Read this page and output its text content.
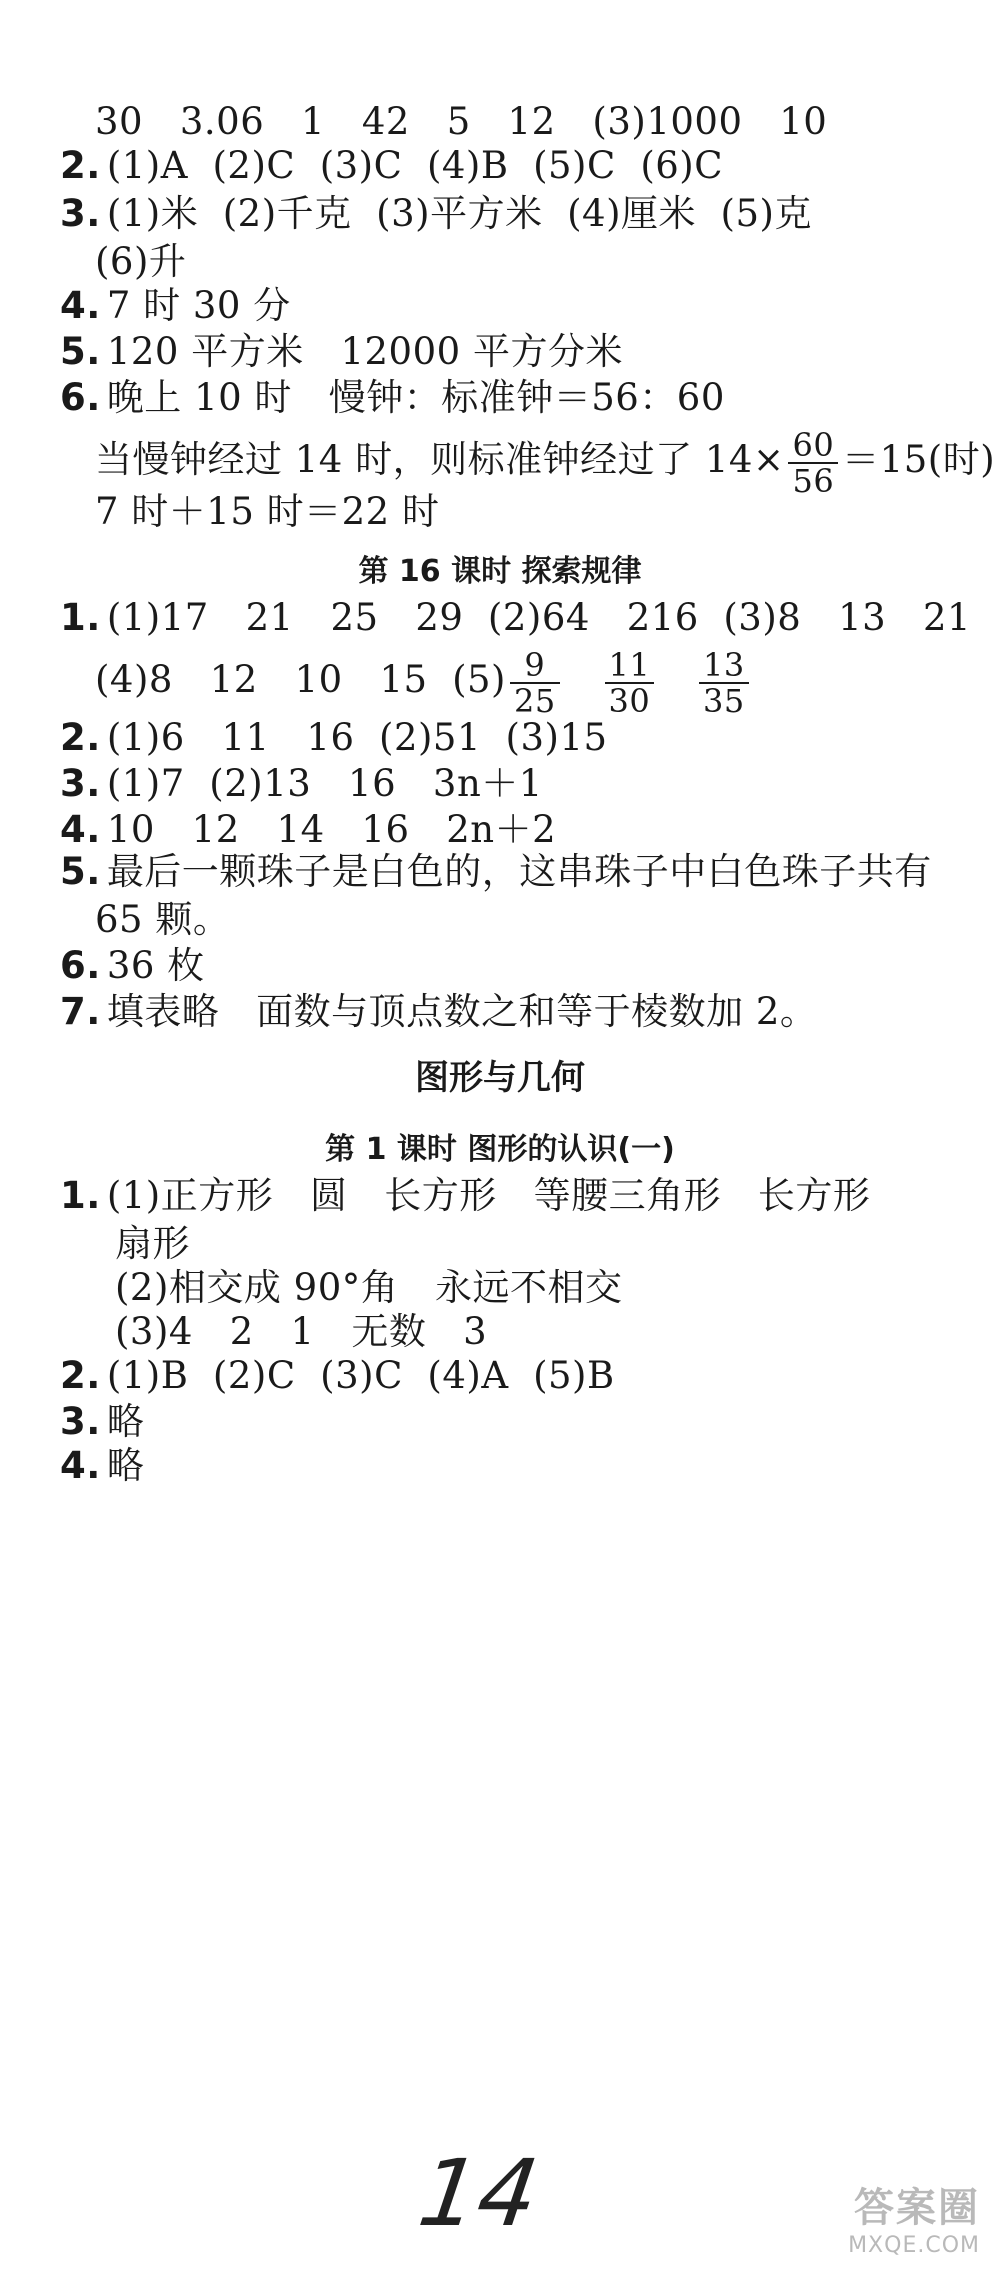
30   3.06   1   42   5   12   (3)1000   10
2. (1)A  (2)C  (3)C  (4)B  (5)C  (6)C
3. (1)米  (2)千克  (3)平方米  (4)厘米  (5)克
(6)升
4. 7 时 30 分
5. 120 平方米   12000 平方分米
6. 晚上 10 时   慢钟：标准钟＝56：60
当慢钟经过 14 时，则标准钟经过了 $14\times \frac{60}{56} =15$(时)
7 时＋15 时＝22 时
第 16 课时 探索规律
1. (1)17   21   25   29  (2)64   216  (3)8   13   21
(4)8   12   10   15  $(5) \frac{9}{25}$
$\frac{11}{30}$
$\frac{13}{35}$
2. (1)6   11   16  (2)51  (3)15
3. (1)7  (2)13   16   3n＋1
4. 10   12   14   16   2n＋2
5. 最后一颗珠子是白色的，这串珠子中白色珠子共有
65 颗。
6. 36 枚
7. 填表略   面数与顶点数之和等于棱数加 2。
图形与几何
第 1 课时 图形的认识(一)
1. (1)正方形   圆   长方形   等腰三角形   长方形
扇形
(2)相交成 90°角   永远不相交
(3)4   2   1   无数   3
2. (1)B  (2)C  (3)C  (4)A  (5)B
3. 略
4. 略
14	答案圈
MXQE.COM
